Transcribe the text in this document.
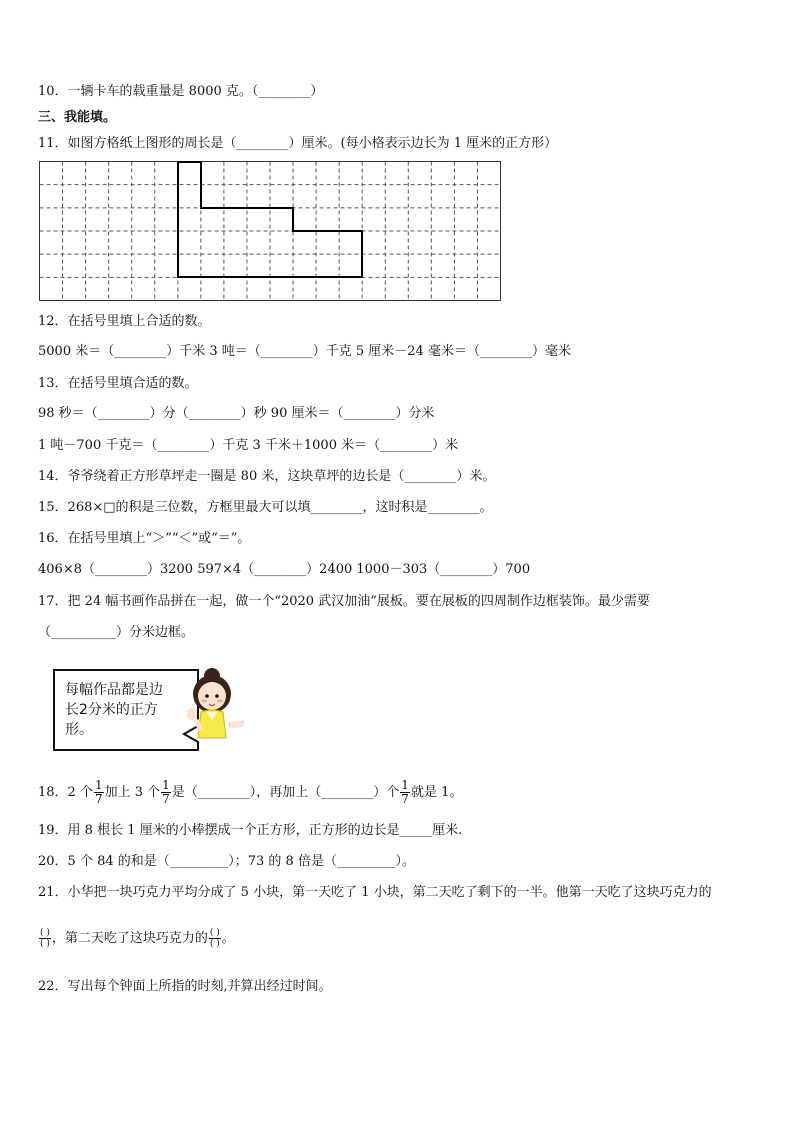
10．一辆卡车的载重量是 8000 克。（________）
三、我能填。
11．如图方格纸上图形的周长是（________）厘米。(每小格表示边长为 1 厘米的正方形）
12．在括号里填上合适的数。
5000 米＝（________）千米 3 吨＝（________）千克 5 厘米－24 毫米＝（________）毫米
13．在括号里填合适的数。
98 秒＝（________）分（________）秒 90 厘米＝（________）分米
1 吨－700 千克＝（________）千克 3 千米＋1000 米＝（________）米
14．爷爷绕着正方形草坪走一圈是 80 米，这块草坪的边长是（________）米。
15．268×□的积是三位数，方框里最大可以填________，这时积是________。
16．在括号里填上“＞”“＜”或“＝”。
406×8（________）3200 597×4（________）2400 1000－303（________）700
17．把 24 幅书画作品拼在一起，做一个“2020 武汉加油”展板。要在展板的四周制作边框装饰。最少需要
（__________）分米边框。
每幅作品都是边
长2分米的正方
形。
18．2 个 $\frac{1}{7}$ 加上 3 个 $\frac{1}{7}$ 是（________），再加上（________）个 $\frac{1}{7}$ 就是 1。
19．用 8 根长 1 厘米的小棒摆成一个正方形，正方形的边长是_____厘米.
20．5 个 84 的和是（_________）；73 的 8 倍是（_________）。
21．小华把一块巧克力平均分成了 5 小块，第一天吃了 1 小块，第二天吃了剩下的一半。他第一天吃了这块巧克力的
$\frac{( )}{( )}$ ，第二天吃了这块巧克力的 $\frac{( )}{( )}$ 。
22．写出每个钟面上所指的时刻,并算出经过时间。
